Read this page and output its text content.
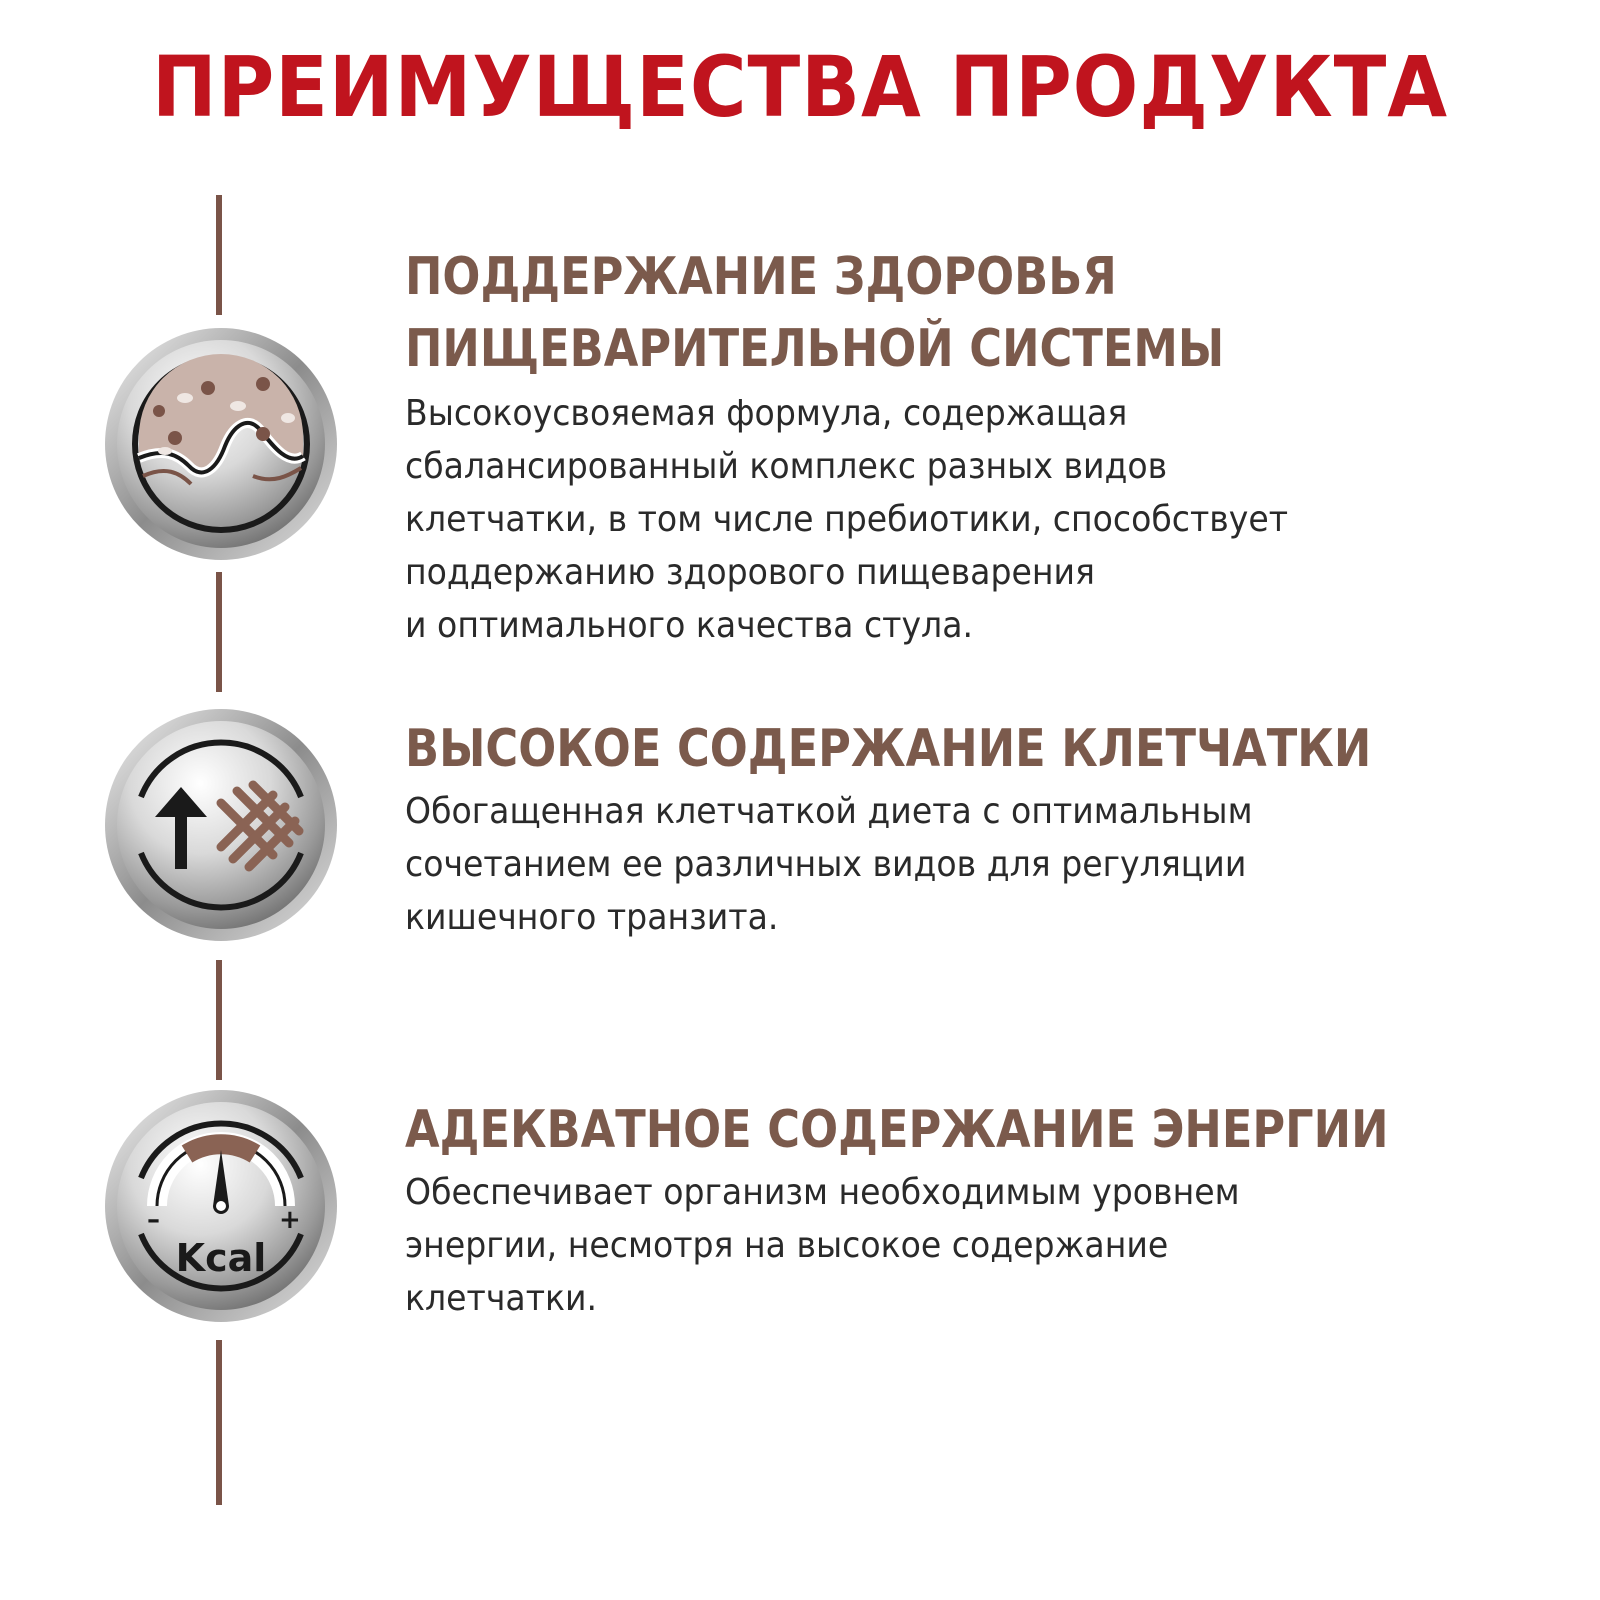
ПРЕИМУЩЕСТВА ПРОДУКТА
ПОДДЕРЖАНИЕ ЗДОРОВЬЯ
ПИЩЕВАРИТЕЛЬНОЙ СИСТЕМЫ
Высокоусвояемая формула, содержащая
сбалансированный комплекс разных видов
клетчатки, в том числе пребиотики, способствует
поддержанию здорового пищеварения
и оптимального качества стула.
ВЫСОКОЕ СОДЕРЖАНИЕ КЛЕТЧАТКИ
Обогащенная клетчаткой диета с оптимальным
сочетанием ее различных видов для регуляции
кишечного транзита.
–	+
Kcal
АДЕКВАТНОЕ СОДЕРЖАНИЕ ЭНЕРГИИ
Обеспечивает организм необходимым уровнем
энергии, несмотря на высокое содержание
клетчатки.
